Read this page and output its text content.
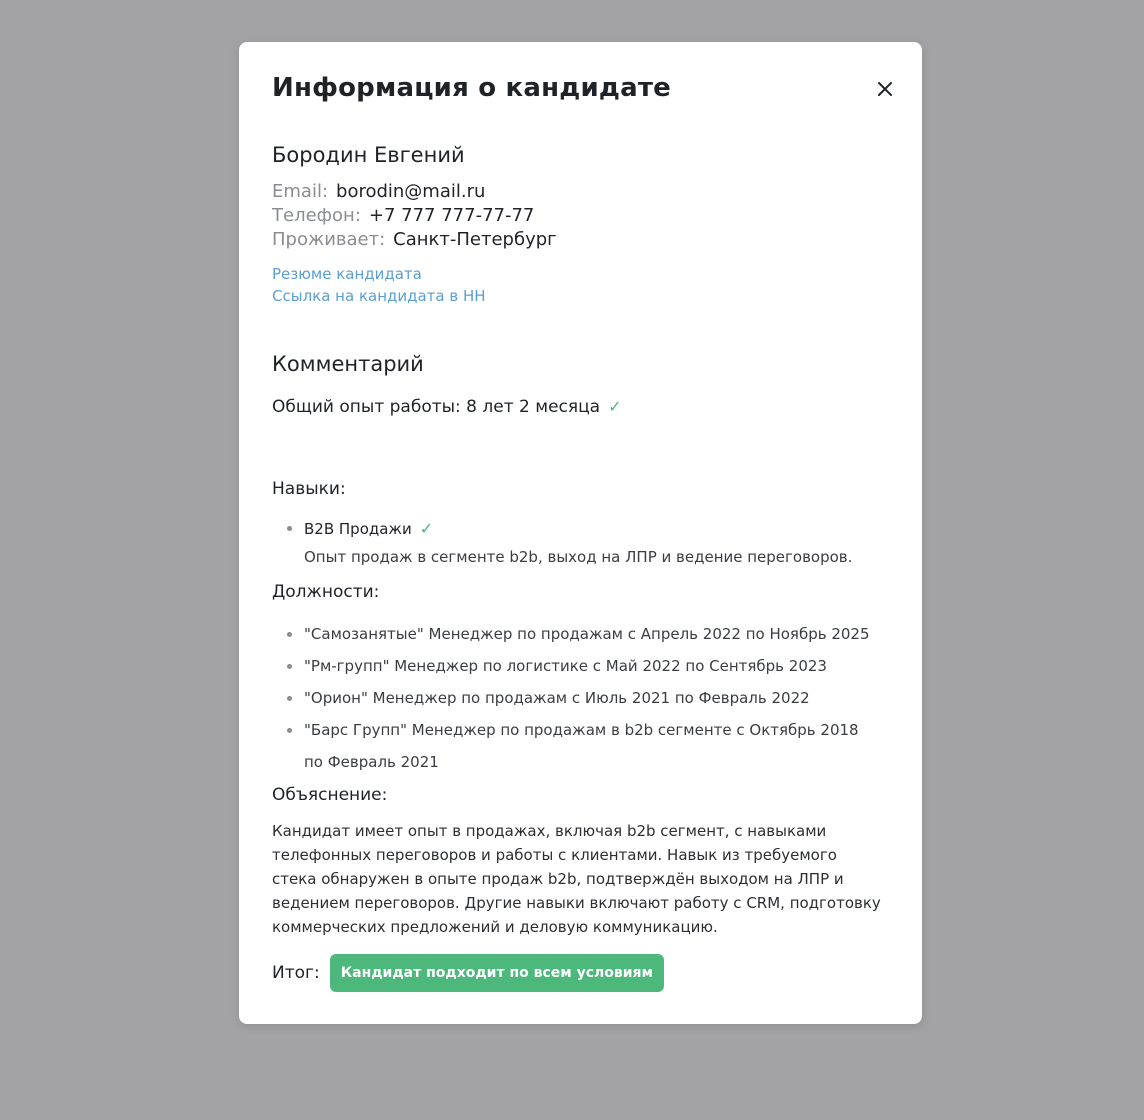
Информация о кандидате
Бородин Евгений
Email: borodin@mail.ru
Телефон: +7 777 777-77-77
Проживает: Санкт-Петербург
Резюме кандидата
Ссылка на кандидата в НН
Комментарий
Общий опыт работы: 8 лет 2 месяца ✓
Навыки:
B2B Продажи ✓
Опыт продаж в сегменте b2b, выход на ЛПР и ведение переговоров.
Должности:
"Самозанятые" Менеджер по продажам с Апрель 2022 по Ноябрь 2025
"Рм-групп" Менеджер по логистике с Май 2022 по Сентябрь 2023
"Орион" Менеджер по продажам с Июль 2021 по Февраль 2022
"Барс Групп" Менеджер по продажам в b2b сегменте с Октябрь 2018 по Февраль 2021
Объяснение:

Кандидат имеет опыт в продажах, включая b2b сегмент, с навыками телефонных переговоров и работы с клиентами. Навык из требуемого стека обнаружен в опыте продаж b2b, подтверждён выходом на ЛПР и ведением переговоров. Другие навыки включают работу с CRM, подготовку коммерческих предложений и деловую коммуникацию.

Итог:	Кандидат подходит по всем условиям
